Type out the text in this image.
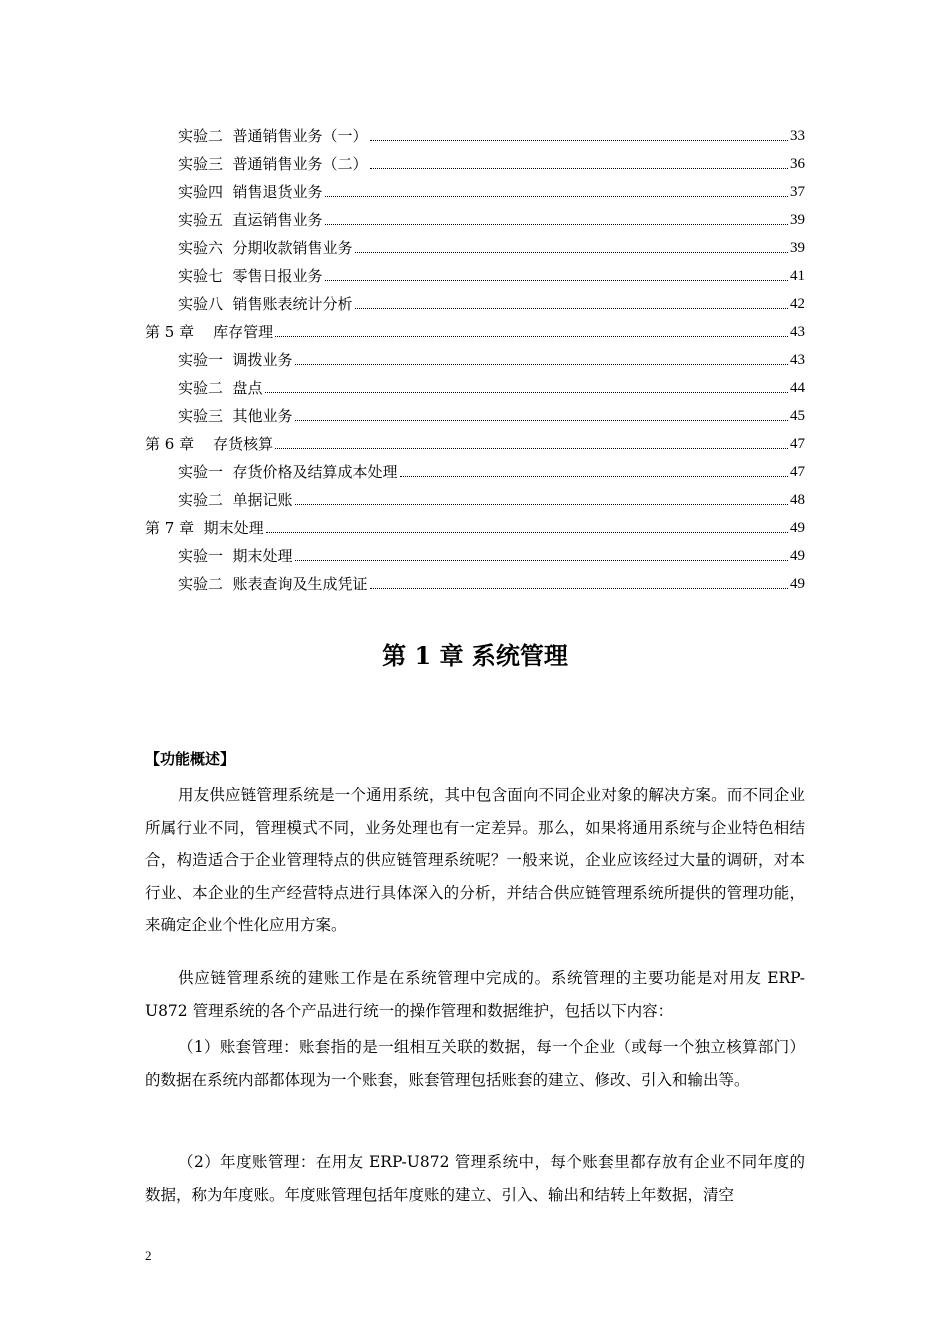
实验二  普通销售业务（一）	33
实验三  普通销售业务（二）	36
实验四  销售退货业务	37
实验五  直运销售业务	39
实验六  分期收款销售业务	39
实验七  零售日报业务	41
实验八  销售账表统计分析	42
第 5 章    库存管理	43
实验一  调拨业务	43
实验二  盘点	44
实验三  其他业务	45
第 6 章    存货核算	47
实验一  存货价格及结算成本处理	47
实验二  单据记账	48
第 7 章  期末处理	49
实验一  期末处理	49
实验二  账表查询及生成凭证	49
第 1 章 系统管理
【功能概述】

用友供应链管理系统是一个通用系统，其中包含面向不同企业对象的解决方案。而不同企业所属行业不同，管理模式不同，业务处理也有一定差异。那么，如果将通用系统与企业特色相结合，构造适合于企业管理特点的供应链管理系统呢？一般来说，企业应该经过大量的调研，对本行业、本企业的生产经营特点进行具体深入的分析，并结合供应链管理系统所提供的管理功能，来确定企业个性化应用方案。

供应链管理系统的建账工作是在系统管理中完成的。系统管理的主要功能是对用友 ERP-U872 管理系统的各个产品进行统一的操作管理和数据维护，包括以下内容：

（1）账套管理：账套指的是一组相互关联的数据，每一个企业（或每一个独立核算部门）的数据在系统内部都体现为一个账套，账套管理包括账套的建立、修改、引入和输出等。

（2）年度账管理：在用友 ERP-U872 管理系统中，每个账套里都存放有企业不同年度的数据，称为年度账。年度账管理包括年度账的建立、引入、输出和结转上年数据，清空

2
